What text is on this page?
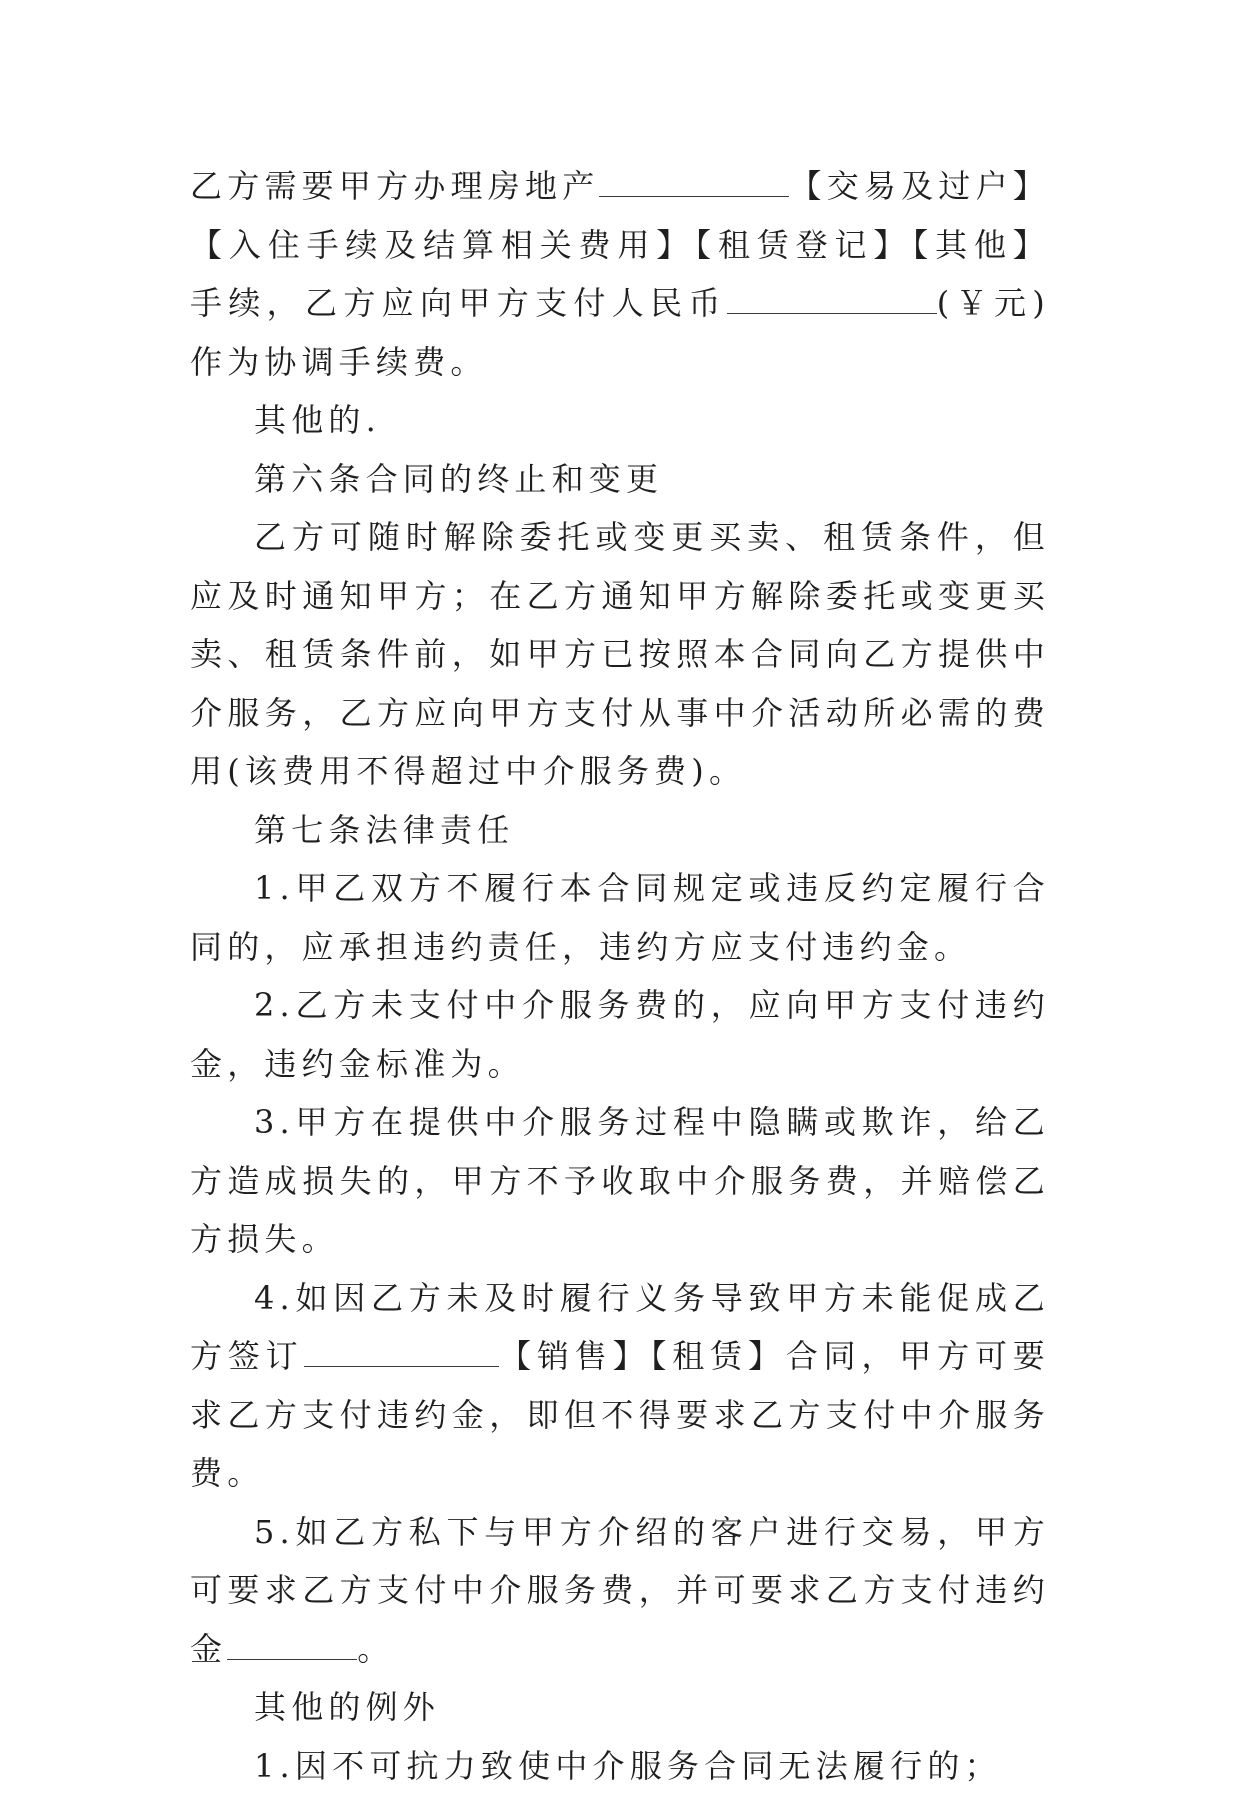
乙方需要甲方办理房地产	【交易及过户】【入住手续及结算相关费用】【租赁登记】【其他】手续，乙方应向甲方支付人民币	(￥元)作为协调手续费。

其他的.

第六条合同的终止和变更

乙方可随时解除委托或变更买卖、租赁条件，但应及时通知甲方；在乙方通知甲方解除委托或变更买卖、租赁条件前，如甲方已按照本合同向乙方提供中介服务，乙方应向甲方支付从事中介活动所必需的费用(该费用不得超过中介服务费)。

第七条法律责任

1.甲乙双方不履行本合同规定或违反约定履行合同的，应承担违约责任，违约方应支付违约金。

2.乙方未支付中介服务费的，应向甲方支付违约金，违约金标准为。

3.甲方在提供中介服务过程中隐瞒或欺诈，给乙方造成损失的，甲方不予收取中介服务费，并赔偿乙方损失。

4.如因乙方未及时履行义务导致甲方未能促成乙方签订	【销售】【租赁】合同，甲方可要求乙方支付违约金，即但不得要求乙方支付中介服务费。

5.如乙方私下与甲方介绍的客户进行交易，甲方可要求乙方支付中介服务费，并可要求乙方支付违约金	。

其他的例外

1.因不可抗力致使中介服务合同无法履行的；
